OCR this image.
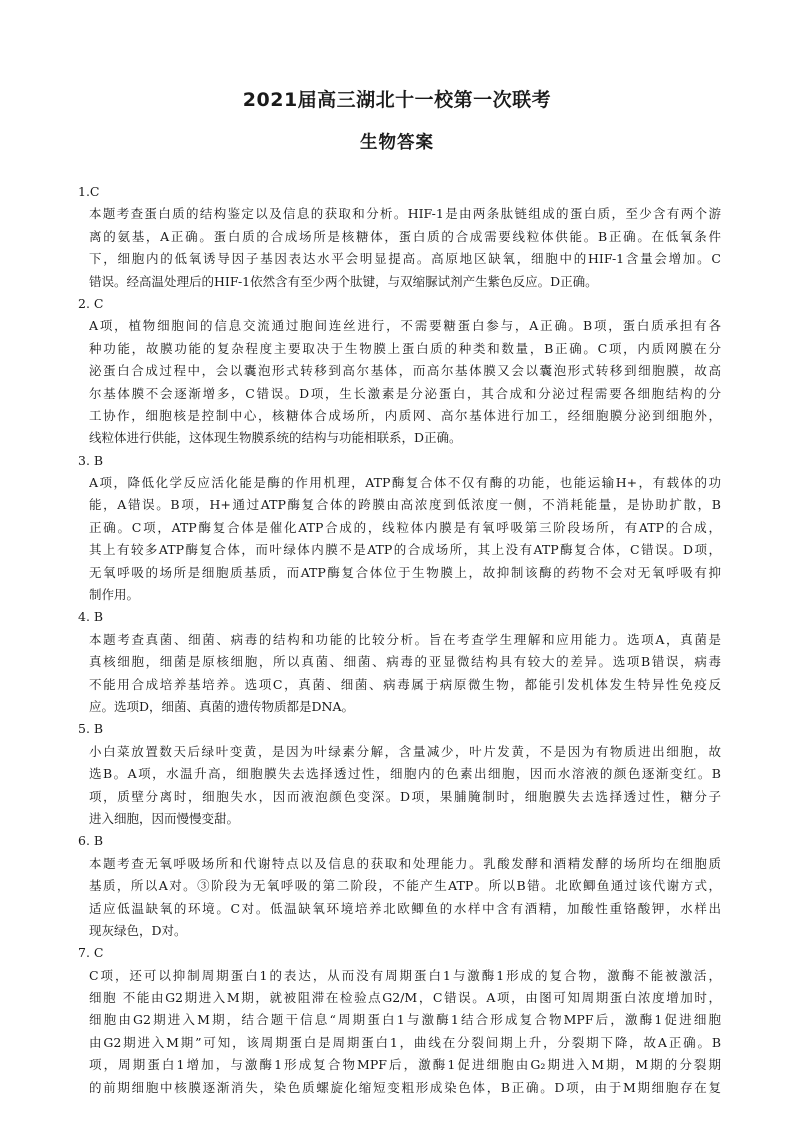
2021届高三湖北十一校第一次联考
生物答案
1.C
本题考查蛋白质的结构鉴定以及信息的获取和分析。HIF-1是由两条肽链组成的蛋白质，至少含有两个游
离的氨基，A正确。蛋白质的合成场所是核糖体，蛋白质的合成需要线粒体供能。B正确。在低氧条件
下，细胞内的低氧诱导因子基因表达水平会明显提高。高原地区缺氧，细胞中的HIF-1含量会增加。C
错误。经高温处理后的HIF-1依然含有至少两个肽键，与双缩脲试剂产生紫色反应。D正确。
2. C
A项，植物细胞间的信息交流通过胞间连丝进行，不需要糖蛋白参与，A正确。B项，蛋白质承担有各
种功能，故膜功能的复杂程度主要取决于生物膜上蛋白质的种类和数量，B正确。C项，内质网膜在分
泌蛋白合成过程中，会以囊泡形式转移到高尔基体，而高尔基体膜又会以囊泡形式转移到细胞膜，故高
尔基体膜不会逐渐增多，C错误。D项，生长激素是分泌蛋白，其合成和分泌过程需要各细胞结构的分
工协作，细胞核是控制中心，核糖体合成场所，内质网、高尔基体进行加工，经细胞膜分泌到细胞外，
线粒体进行供能，这体现生物膜系统的结构与功能相联系，D正确。
3. B
A项，降低化学反应活化能是酶的作用机理，ATP酶复合体不仅有酶的功能，也能运输H+，有载体的功
能，A错误。B项，H+通过ATP酶复合体的跨膜由高浓度到低浓度一侧，不消耗能量，是协助扩散，B
正确。C项，ATP酶复合体是催化ATP合成的，线粒体内膜是有氧呼吸第三阶段场所，有ATP的合成，
其上有较多ATP酶复合体，而叶绿体内膜不是ATP的合成场所，其上没有ATP酶复合体，C错误。D项，
无氧呼吸的场所是细胞质基质，而ATP酶复合体位于生物膜上，故抑制该酶的药物不会对无氧呼吸有抑
制作用。
4. B
本题考查真菌、细菌、病毒的结构和功能的比较分析。旨在考查学生理解和应用能力。选项A，真菌是
真核细胞，细菌是原核细胞，所以真菌、细菌、病毒的亚显微结构具有较大的差异。选项B错误，病毒
不能用合成培养基培养。选项C，真菌、细菌、病毒属于病原微生物，都能引发机体发生特异性免疫反
应。选项D，细菌、真菌的遗传物质都是DNA。
5. B
小白菜放置数天后绿叶变黄，是因为叶绿素分解，含量减少，叶片发黄，不是因为有物质进出细胞，故
选B。A项，水温升高，细胞膜失去选择透过性，细胞内的色素出细胞，因而水溶液的颜色逐渐变红。B
项，质壁分离时，细胞失水，因而液泡颜色变深。D项，果脯腌制时，细胞膜失去选择透过性，糖分子
进入细胞，因而慢慢变甜。
6. B
本题考查无氧呼吸场所和代谢特点以及信息的获取和处理能力。乳酸发酵和酒精发酵的场所均在细胞质
基质，所以A对。③阶段为无氧呼吸的第二阶段，不能产生ATP。所以B错。北欧鲫鱼通过该代谢方式，
适应低温缺氧的环境。C对。低温缺氧环境培养北欧鲫鱼的水样中含有酒精，加酸性重铬酸钾，水样出
现灰绿色，D对。
7. C
C项，还可以抑制周期蛋白1的表达，从而没有周期蛋白1与激酶1形成的复合物，激酶不能被激活，
细胞 不能由G2期进入M期，就被阻滞在检验点G2/M，C错误。A项，由图可知周期蛋白浓度增加时，
细胞由G2期进入M期，结合题干信息“周期蛋白1与激酶1结合形成复合物MPF后，激酶1促进细胞
由G2期进入M期”可知，该周期蛋白是周期蛋白1，曲线在分裂间期上升，分裂期下降，故A正确。B
项，周期蛋白1增加，与激酶1形成复合物MPF后，激酶1促进细胞由G₂期进入M期，M期的分裂期
的前期细胞中核膜逐渐消失，染色质螺旋化缩短变粗形成染色体，B正确。D项，由于M期细胞存在复
